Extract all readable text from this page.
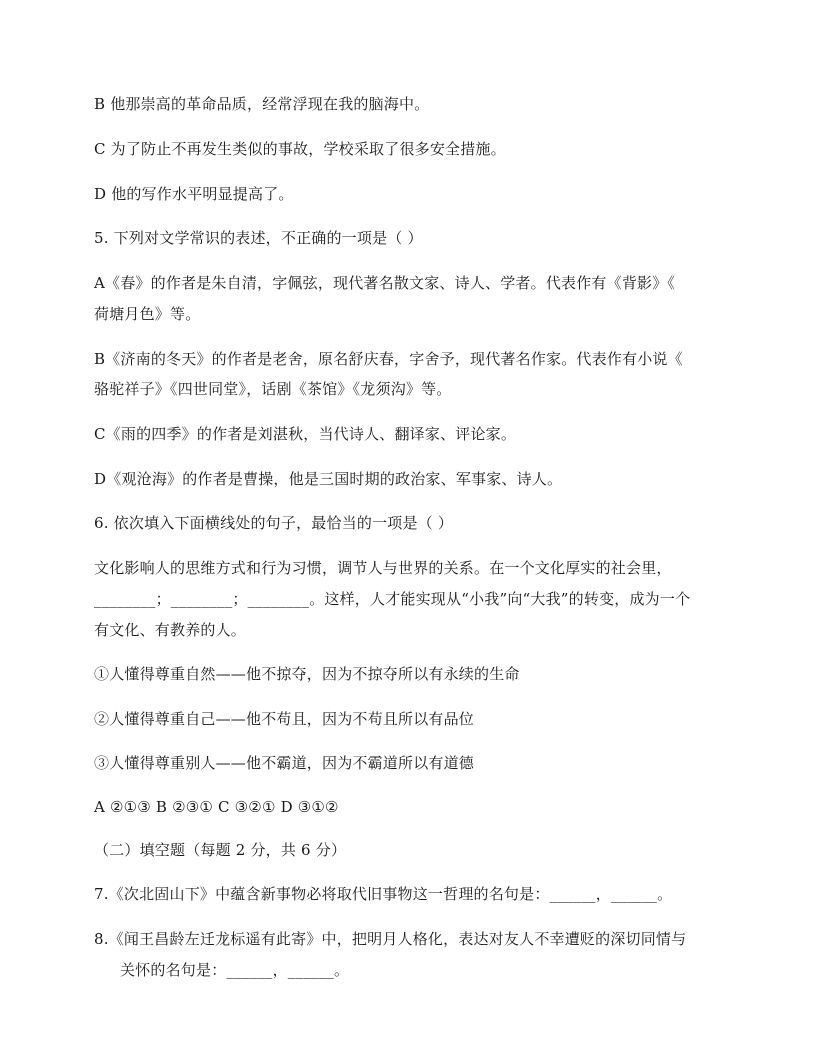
B 他那崇高的革命品质，经常浮现在我的脑海中。
C 为了防止不再发生类似的事故，学校采取了很多安全措施。
D 他的写作水平明显提高了。
5. 下列对文学常识的表述，不正确的一项是（ ）
A《春》的作者是朱自清，字佩弦，现代著名散文家、诗人、学者。代表作有《背影》《
荷塘月色》等。
B《济南的冬天》的作者是老舍，原名舒庆春，字舍予，现代著名作家。代表作有小说《
骆驼祥子》《四世同堂》，话剧《茶馆》《龙须沟》等。
C《雨的四季》的作者是刘湛秋，当代诗人、翻译家、评论家。
D《观沧海》的作者是曹操，他是三国时期的政治家、军事家、诗人。
6. 依次填入下面横线处的句子，最恰当的一项是（ ）
文化影响人的思维方式和行为习惯，调节人与世界的关系。在一个文化厚实的社会里，
________；________；________。这样，人才能实现从“小我”向“大我”的转变，成为一个
有文化、有教养的人。
①人懂得尊重自然——他不掠夺，因为不掠夺所以有永续的生命
②人懂得尊重自己——他不苟且，因为不苟且所以有品位
③人懂得尊重别人——他不霸道，因为不霸道所以有道德
A ②①③ B ②③① C ③②① D ③①②
（二）填空题（每题 2 分，共 6 分）
7.《次北固山下》中蕴含新事物必将取代旧事物这一哲理的名句是：______，______。
8.《闻王昌龄左迁龙标遥有此寄》中，把明月人格化，表达对友人不幸遭贬的深切同情与
关怀的名句是：______，______。
